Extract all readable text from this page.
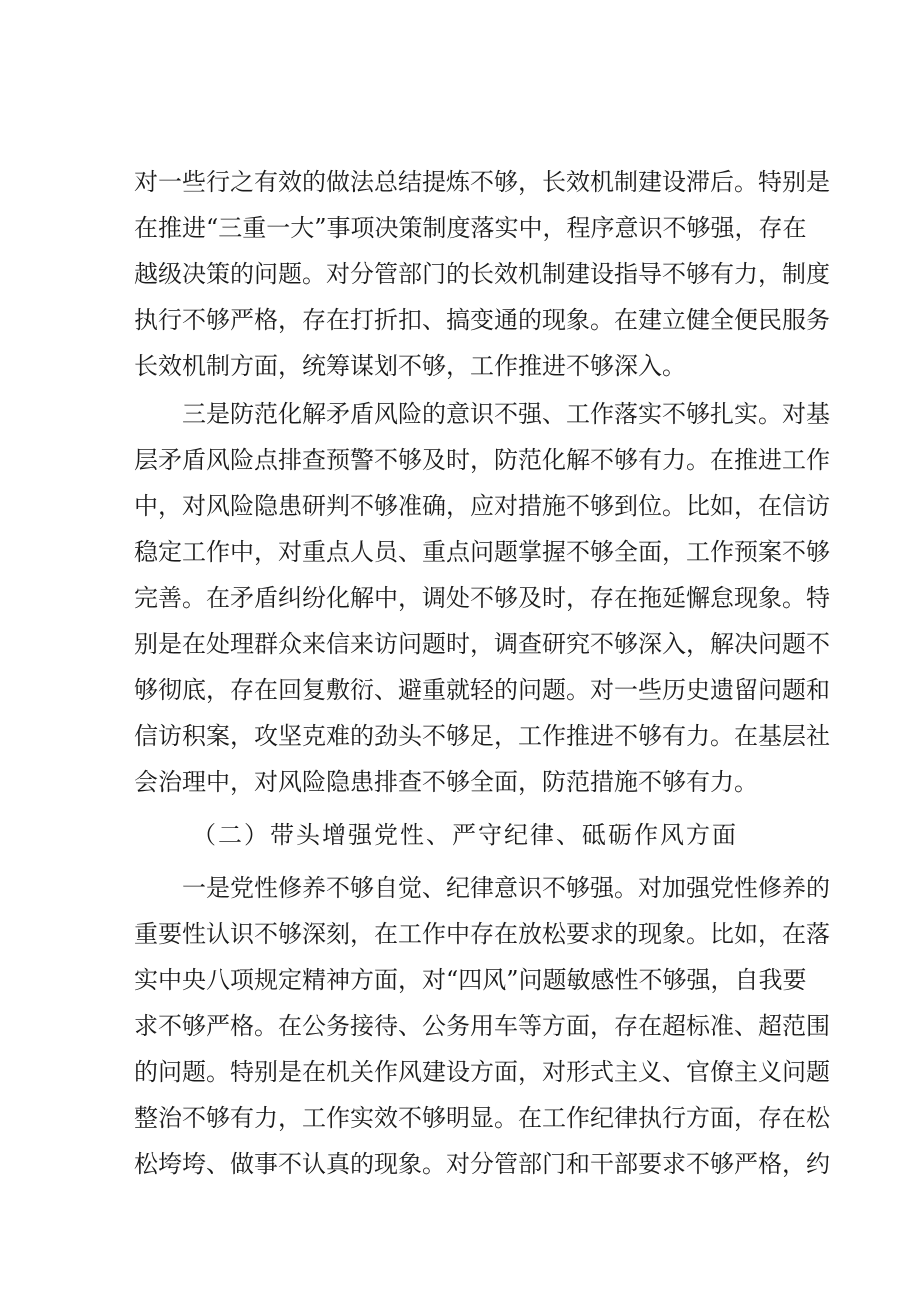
对一些行之有效的做法总结提炼不够，长效机制建设滞后。特别是
在推进“三重一大”事项决策制度落实中，程序意识不够强，存在
越级决策的问题。对分管部门的长效机制建设指导不够有力，制度
执行不够严格，存在打折扣、搞变通的现象。在建立健全便民服务
长效机制方面，统筹谋划不够，工作推进不够深入。
三是防范化解矛盾风险的意识不强、工作落实不够扎实。对基
层矛盾风险点排查预警不够及时，防范化解不够有力。在推进工作
中，对风险隐患研判不够准确，应对措施不够到位。比如，在信访
稳定工作中，对重点人员、重点问题掌握不够全面，工作预案不够
完善。在矛盾纠纷化解中，调处不够及时，存在拖延懈怠现象。特
别是在处理群众来信来访问题时，调查研究不够深入，解决问题不
够彻底，存在回复敷衍、避重就轻的问题。对一些历史遗留问题和
信访积案，攻坚克难的劲头不够足，工作推进不够有力。在基层社
会治理中，对风险隐患排查不够全面，防范措施不够有力。
（二）带头增强党性、严守纪律、砥砺作风方面
一是党性修养不够自觉、纪律意识不够强。对加强党性修养的
重要性认识不够深刻，在工作中存在放松要求的现象。比如，在落
实中央八项规定精神方面，对“四风”问题敏感性不够强，自我要
求不够严格。在公务接待、公务用车等方面，存在超标准、超范围
的问题。特别是在机关作风建设方面，对形式主义、官僚主义问题
整治不够有力，工作实效不够明显。在工作纪律执行方面，存在松
松垮垮、做事不认真的现象。对分管部门和干部要求不够严格，约
